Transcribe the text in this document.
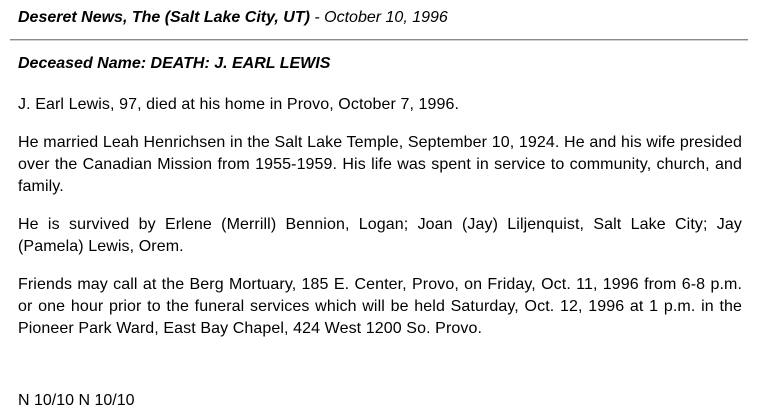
Deseret News, The (Salt Lake City, UT) - October 10, 1996
Deceased Name: DEATH: J. EARL LEWIS

J. Earl Lewis, 97, died at his home in Provo, October 7, 1996.

He married Leah Henrichsen in the Salt Lake Temple, September 10, 1924. He and his wife presided over the Canadian Mission from 1955-1959. His life was spent in service to community, church, and family.

He is survived by Erlene (Merrill) Bennion, Logan; Joan (Jay) Liljenquist, Salt Lake City; Jay (Pamela) Lewis, Orem.

Friends may call at the Berg Mortuary, 185 E. Center, Provo, on Friday, Oct. 11, 1996 from 6-8 p.m. or one hour prior to the funeral services which will be held Saturday, Oct. 12, 1996 at 1 p.m. in the Pioneer Park Ward, East Bay Chapel, 424 West 1200 So. Provo.

N 10/10 N 10/10
